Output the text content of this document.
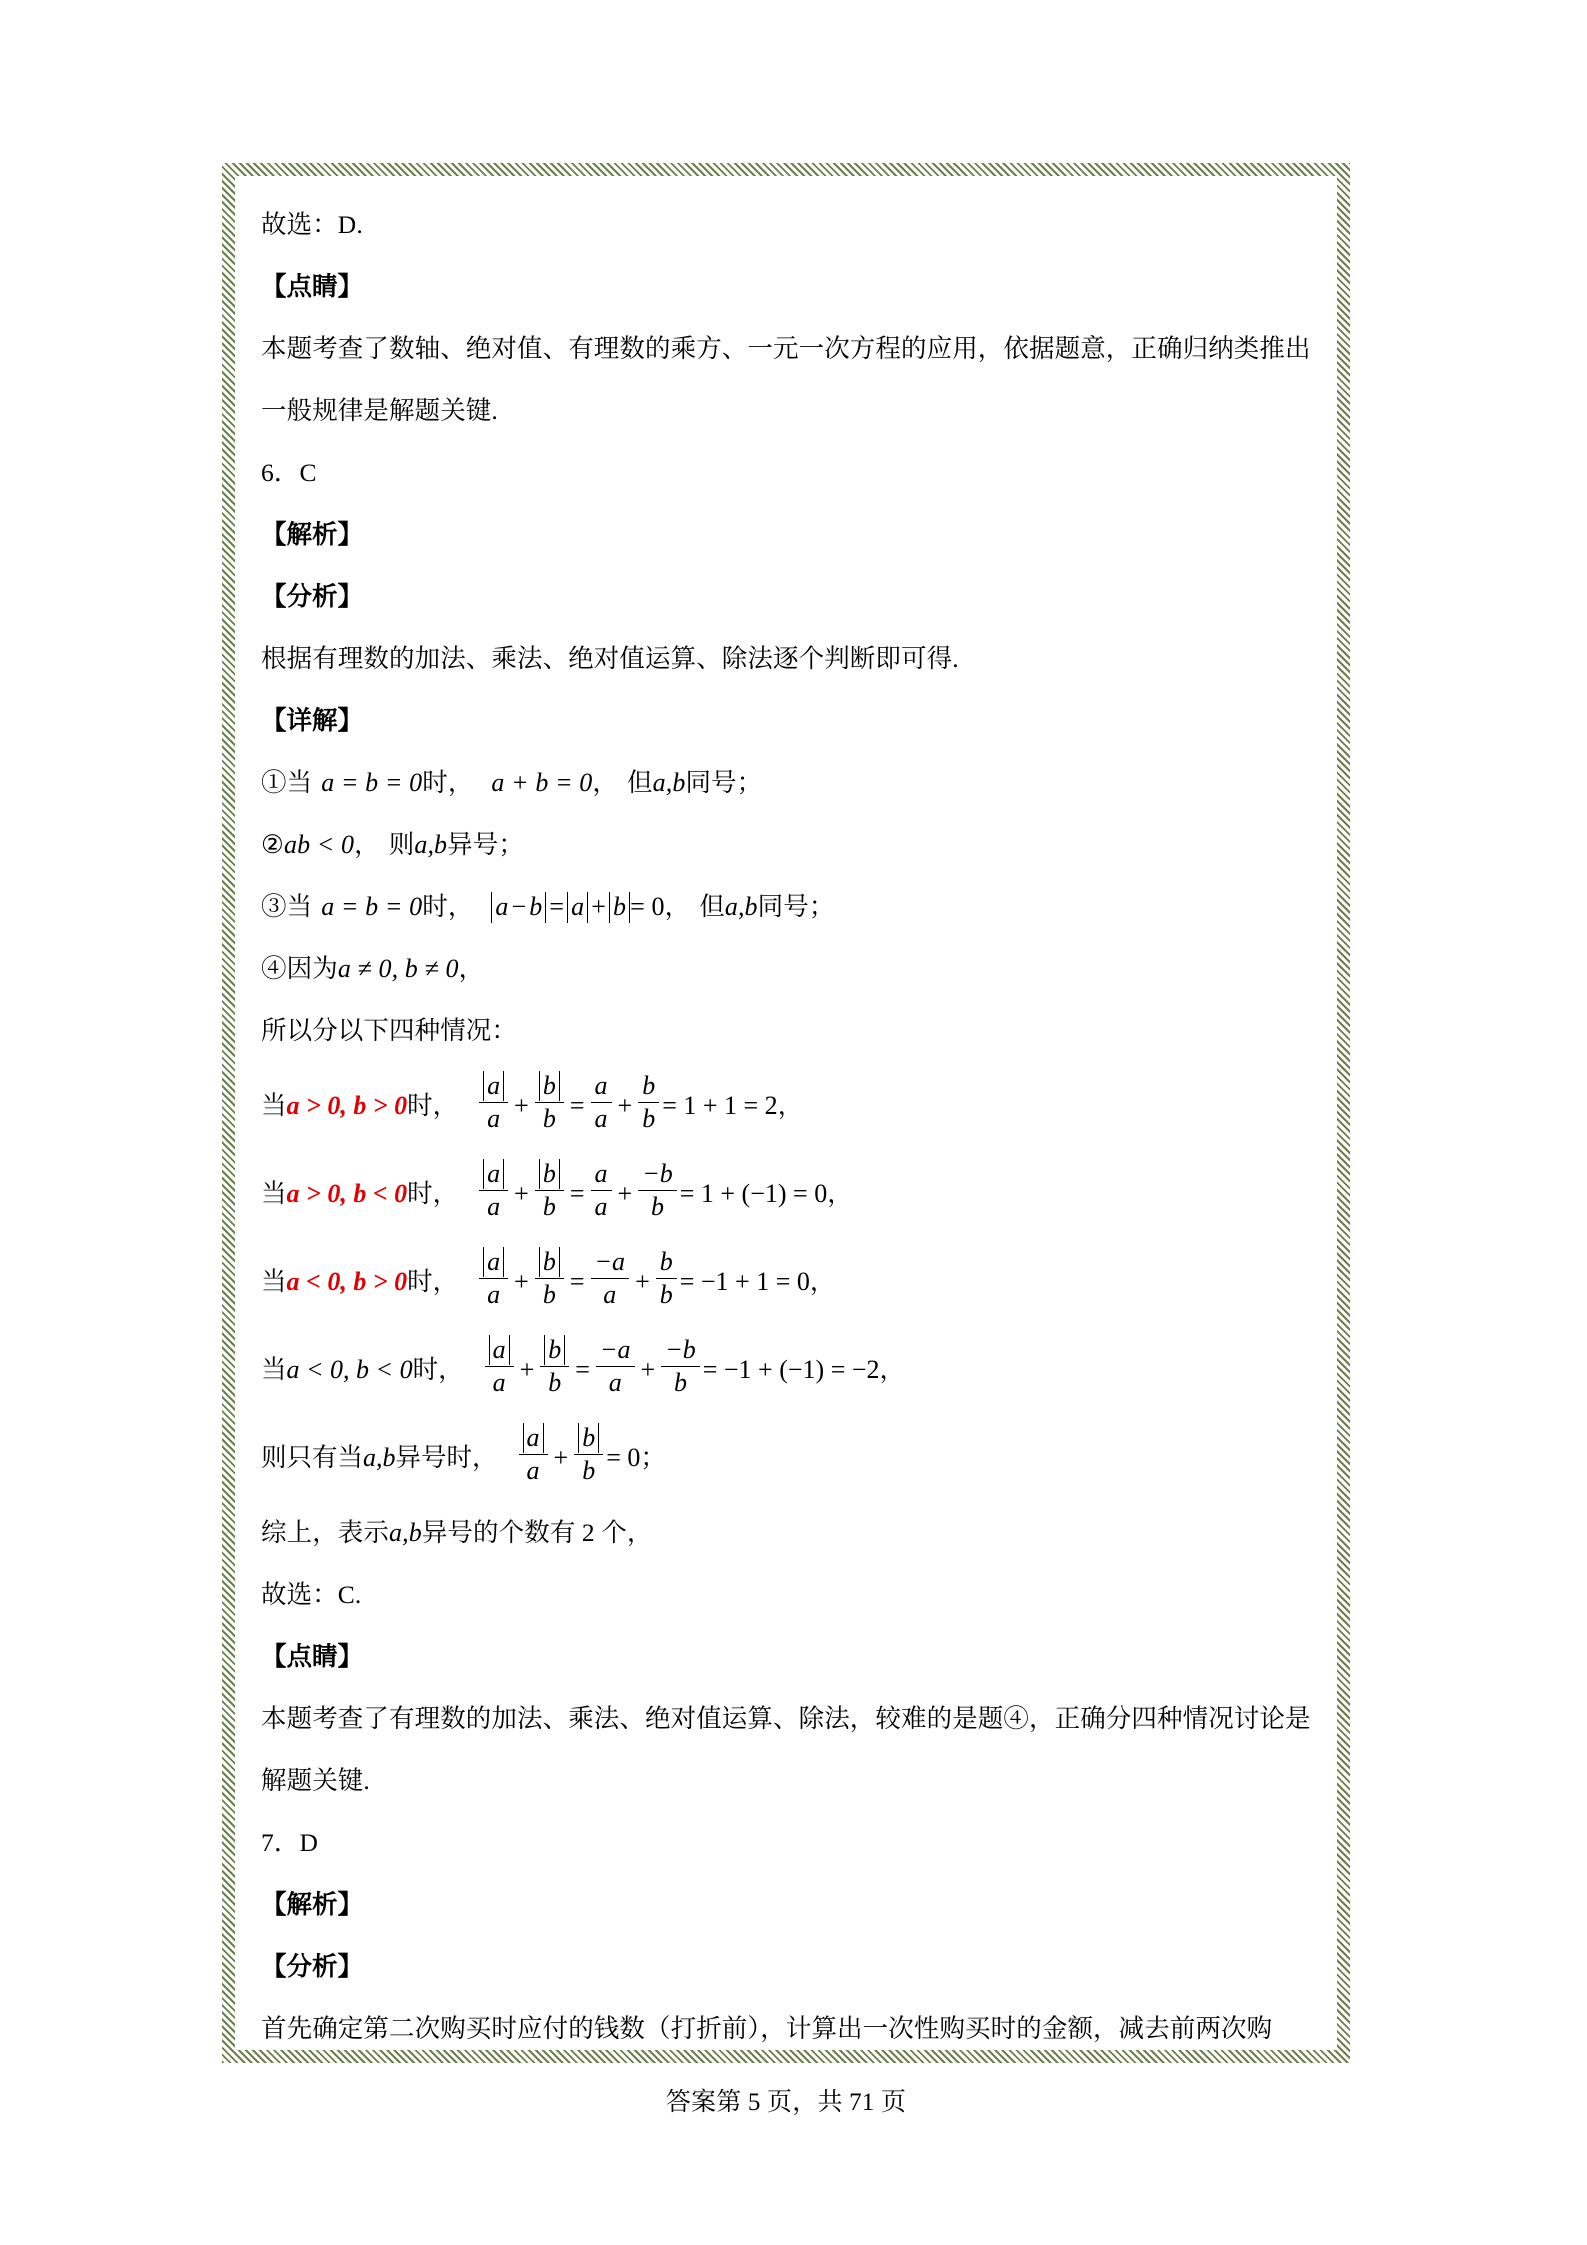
故选：D.
【点睛】
本题考查了数轴、绝对值、有理数的乘方、一元一次方程的应用，依据题意，正确归纳类推出一般规律是解题关键.
6．C
【解析】
【分析】
根据有理数的加法、乘法、绝对值运算、除法逐个判断即可得.
【详解】
①当 a = b = 0时， a + b = 0， 但a,b同号；
②ab < 0， 则a,b异号；
③当 a = b = 0时， a − b = a + b = 0， 但a,b同号；
④因为a ≠ 0, b ≠ 0，
所以分以下四种情况：
当a > 0, b > 0时， $\frac{a}{a} + \frac{b}{b} = \frac{a}{a} + \frac{b}{b} = 1 + 1 = 2$，
当a > 0, b < 0时， $\frac{a}{a} + \frac{b}{b} = \frac{a}{a} + \frac{-b}{b} = 1 + (-1) = 0$，
当a < 0, b > 0时， $\frac{a}{a} + \frac{b}{b} = \frac{-a}{a} + \frac{b}{b} = -1 + 1 = 0$，
当a < 0, b < 0时， $\frac{a}{a} + \frac{b}{b} = \frac{-a}{a} + \frac{-b}{b} = -1 + (-1) = -2$，
则只有当a,b异号时， $\frac{a}{a} + \frac{b}{b} = 0$；
综上，表示a,b异号的个数有 2 个，
故选：C.
【点睛】
本题考查了有理数的加法、乘法、绝对值运算、除法，较难的是题④，正确分四种情况讨论是解题关键.
7．D
【解析】
【分析】
首先确定第二次购买时应付的钱数（打折前），计算出一次性购买时的金额，减去前两次购
答案第 5 页，共 71 页
